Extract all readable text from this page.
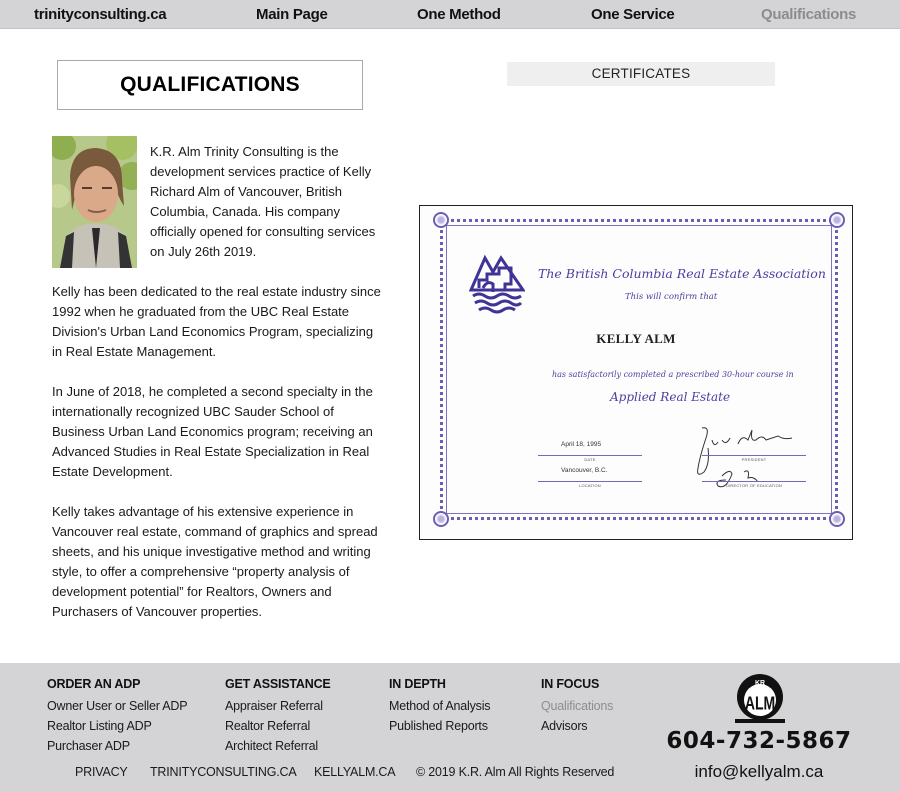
trinityconsulting.ca	Main Page	One Method	One Service	Qualifications
QUALIFICATIONS

K.R. Alm Trinity Consulting is the development services practice of Kelly Richard Alm of Vancouver, British Columbia, Canada. His company officially opened for consulting services on July 26th 2019.

Kelly has been dedicated to the real estate industry since 1992 when he graduated from the UBC Real Estate Division's Urban Land Economics Program, specializing in Real Estate Management.

In June of 2018, he completed a second specialty in the internationally recognized UBC Sauder School of Business Urban Land Economics program; receiving an Advanced Studies in Real Estate Specialization in Real Estate Development.

Kelly takes advantage of his extensive experience in Vancouver real estate, command of graphics and spread sheets, and his unique investigative method and writing style, to offer a comprehensive “property analysis of development potential” for Realtors, Owners and Purchasers of Vancouver properties.

CERTIFICATES
The British Columbia Real Estate Association
This will confirm that
KELLY ALM
has satisfactorily completed a prescribed 30-hour course in
Applied Real Estate
April 18, 1995
DATE
Vancouver, B.C.
LOCATION
PRESIDENT
DIRECTOR OF EDUCATION
ORDER AN ADP
Owner User or Seller ADP
Realtor Listing ADP
Purchaser ADP
GET ASSISTANCE
Appraiser Referral
Realtor Referral
Architect Referral
IN DEPTH
Method of Analysis
Published Reports
IN FOCUS
Qualifications
Advisors
PRIVACY TRINITYCONSULTING.CA KELLYALM.CA © 2019 K.R. Alm All Rights Reserved
KR
ALM
604-732-5867
info@kellyalm.ca
